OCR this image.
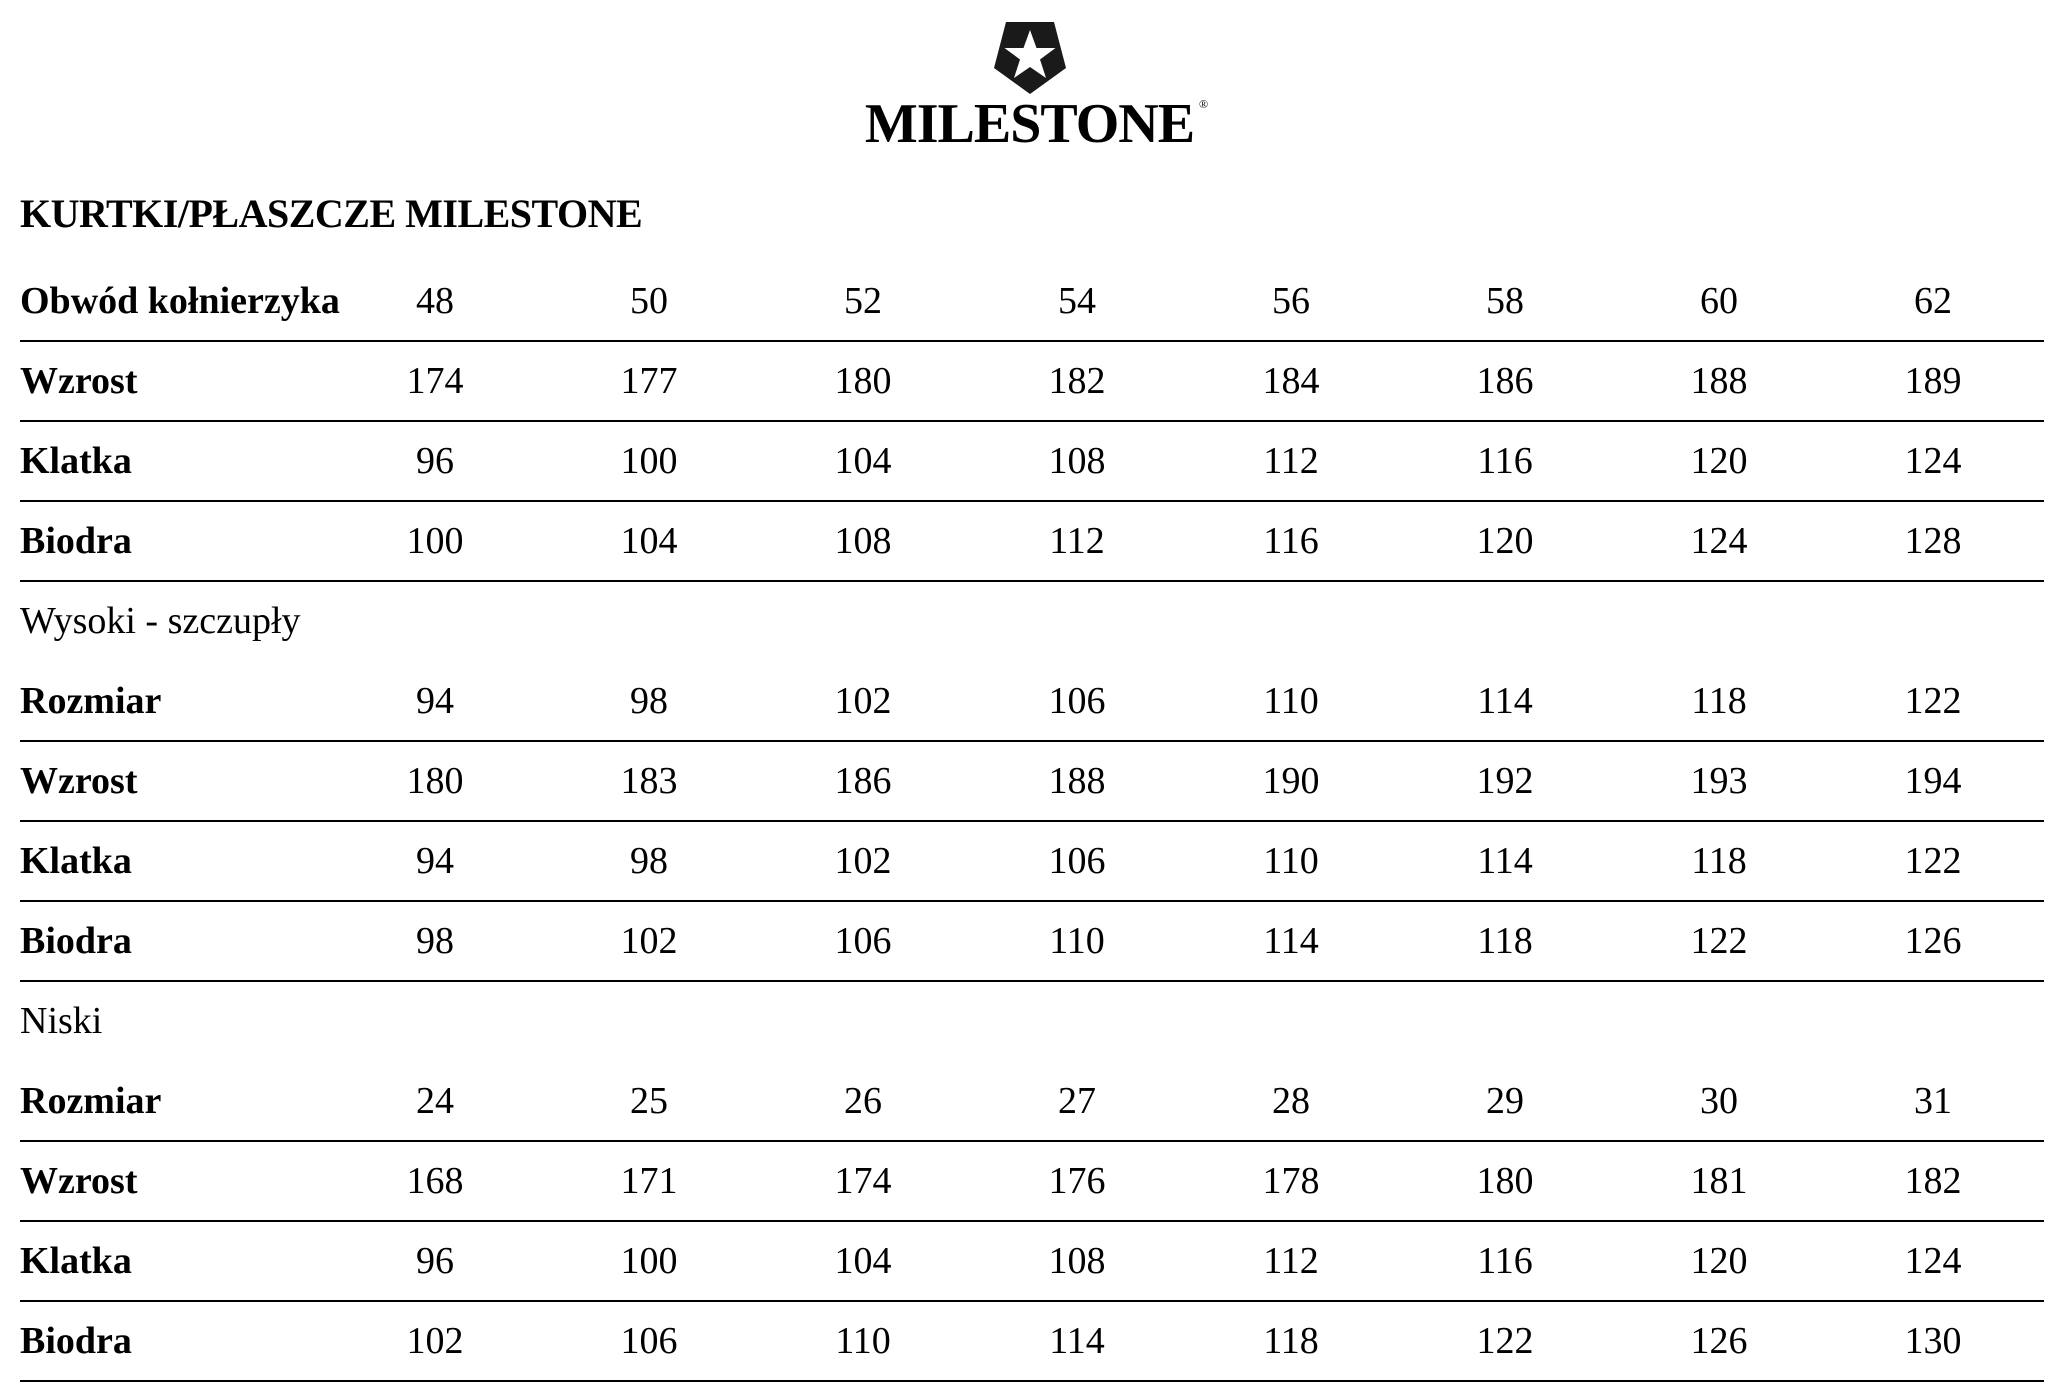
MILESTONE ®
KURTKI/PŁASZCZE MILESTONE
Obwód kołnierzyka	48	50	52	54	56	58	60	62
Wzrost	174	177	180	182	184	186	188	189
Klatka	96	100	104	108	112	116	120	124
Biodra	100	104	108	112	116	120	124	128
Wysoki - szczupły
Rozmiar	94	98	102	106	110	114	118	122
Wzrost	180	183	186	188	190	192	193	194
Klatka	94	98	102	106	110	114	118	122
Biodra	98	102	106	110	114	118	122	126
Niski
Rozmiar	24	25	26	27	28	29	30	31
Wzrost	168	171	174	176	178	180	181	182
Klatka	96	100	104	108	112	116	120	124
Biodra	102	106	110	114	118	122	126	130
